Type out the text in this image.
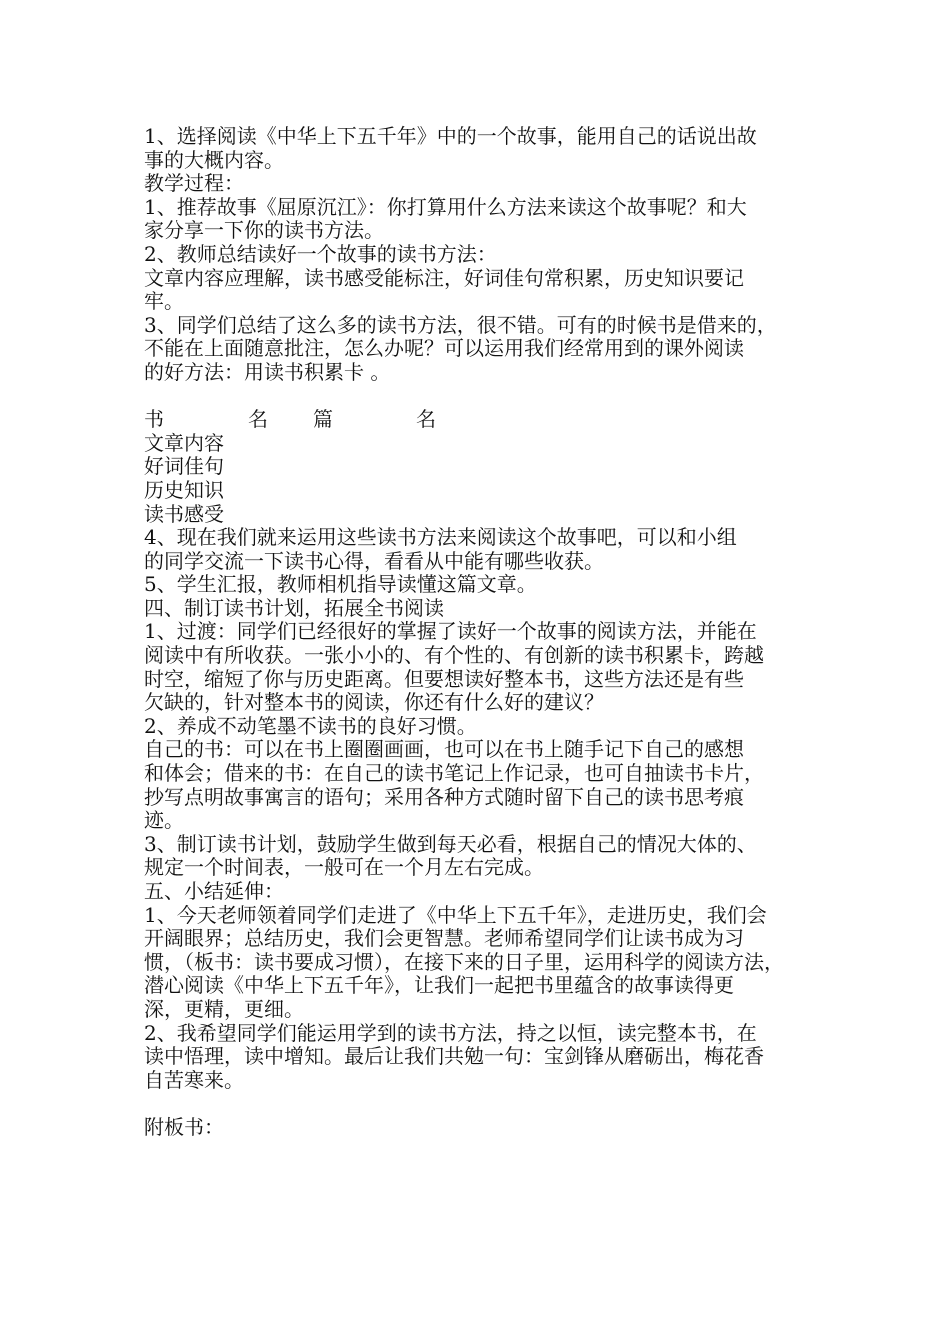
1、选择阅读《中华上下五千年》中的一个故事，能用自己的话说出故
事的大概内容。
教学过程：
1、推荐故事《屈原沉江》：你打算用什么方法来读这个故事呢？和大
家分享一下你的读书方法。
2、教师总结读好一个故事的读书方法：
文章内容应理解，读书感受能标注，好词佳句常积累，历史知识要记
牢。
3、同学们总结了这么多的读书方法，很不错。可有的时候书是借来的，
不能在上面随意批注，怎么办呢？可以运用我们经常用到的课外阅读
的好方法：用读书积累卡 。
书	名 篇	名
文章内容
好词佳句
历史知识
读书感受
4、现在我们就来运用这些读书方法来阅读这个故事吧，可以和小组
的同学交流一下读书心得，看看从中能有哪些收获。
5、学生汇报，教师相机指导读懂这篇文章。
四、制订读书计划，拓展全书阅读
1、过渡：同学们已经很好的掌握了读好一个故事的阅读方法，并能在
阅读中有所收获。一张小小的、有个性的、有创新的读书积累卡，跨越
时空，缩短了你与历史距离。但要想读好整本书，这些方法还是有些
欠缺的，针对整本书的阅读，你还有什么好的建议？
2、养成不动笔墨不读书的良好习惯。
自己的书：可以在书上圈圈画画，也可以在书上随手记下自己的感想
和体会；借来的书：在自己的读书笔记上作记录，也可自抽读书卡片，
抄写点明故事寓言的语句；采用各种方式随时留下自己的读书思考痕
迹。
3、制订读书计划，鼓励学生做到每天必看，根据自己的情况大体的、
规定一个时间表，一般可在一个月左右完成。
五、小结延伸：
1、今天老师领着同学们走进了《中华上下五千年》，走进历史，我们会
开阔眼界；总结历史，我们会更智慧。老师希望同学们让读书成为习
惯，（板书：读书要成习惯），在接下来的日子里，运用科学的阅读方法，
潜心阅读《中华上下五千年》，让我们一起把书里蕴含的故事读得更
深，更精，更细。
2、我希望同学们能运用学到的读书方法，持之以恒，读完整本书，在
读中悟理，读中增知。最后让我们共勉一句：宝剑锋从磨砺出，梅花香
自苦寒来。
附板书：
